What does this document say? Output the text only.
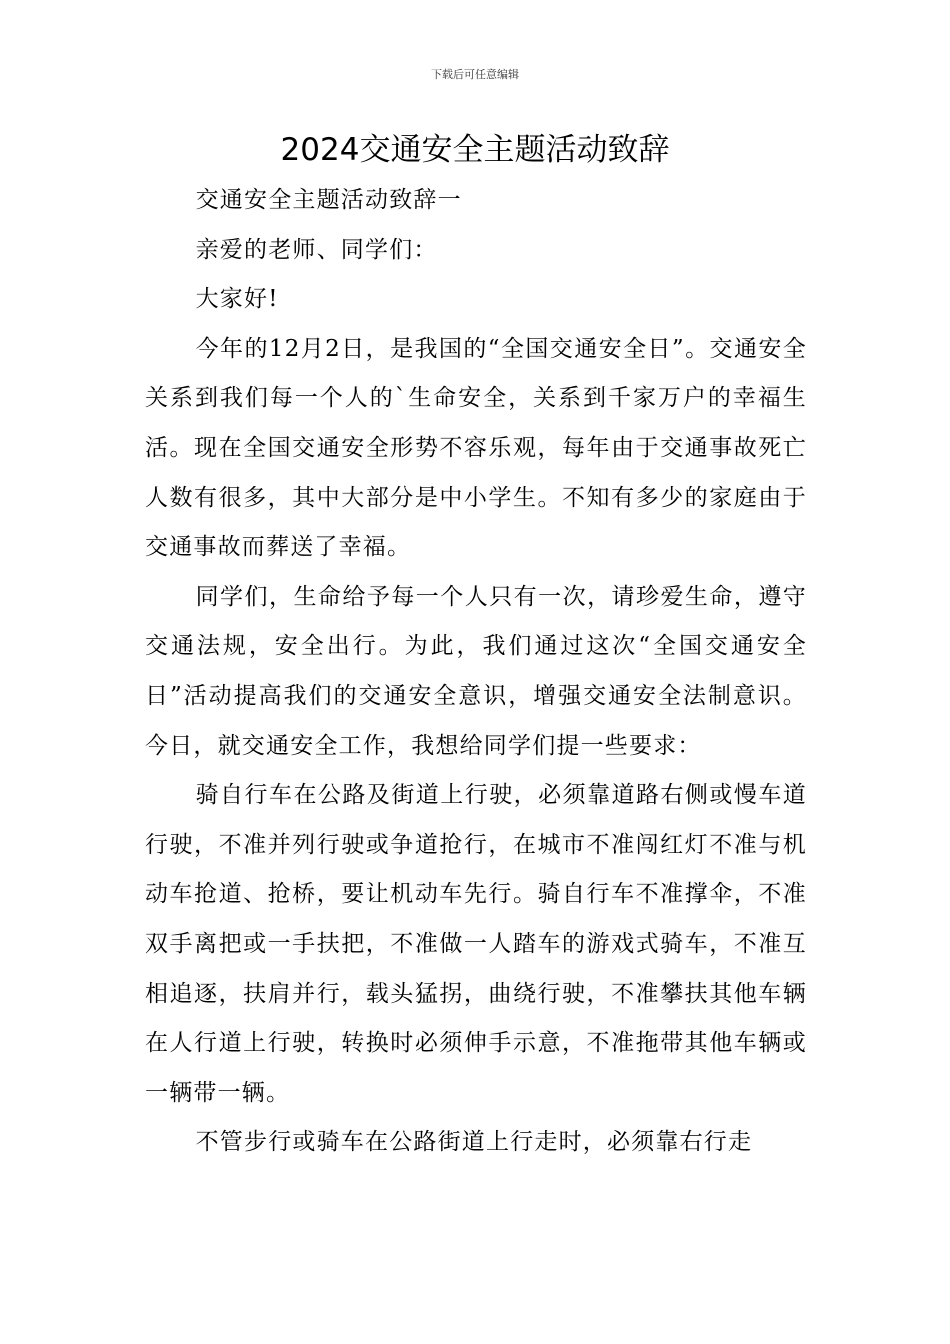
下载后可任意编辑
2024交通安全主题活动致辞

交通安全主题活动致辞一

亲爱的老师、同学们：

大家好!

今年的12月2日，是我国的“全国交通安全日”。交通安全关系到我们每一个人的`生命安全，关系到千家万户的幸福生活。现在全国交通安全形势不容乐观，每年由于交通事故死亡人数有很多，其中大部分是中小学生。不知有多少的家庭由于交通事故而葬送了幸福。

同学们，生命给予每一个人只有一次，请珍爱生命，遵守交通法规，安全出行。为此，我们通过这次“全国交通安全日”活动提高我们的交通安全意识，增强交通安全法制意识。今日，就交通安全工作，我想给同学们提一些要求：

骑自行车在公路及街道上行驶，必须靠道路右侧或慢车道行驶，不准并列行驶或争道抢行，在城市不准闯红灯不准与机动车抢道、抢桥，要让机动车先行。骑自行车不准撑伞，不准双手离把或一手扶把，不准做一人踏车的游戏式骑车，不准互相追逐，扶肩并行，载头猛拐，曲绕行驶，不准攀扶其他车辆在人行道上行驶，转换时必须伸手示意，不准拖带其他车辆或一辆带一辆。

不管步行或骑车在公路街道上行走时，必须靠右行走
